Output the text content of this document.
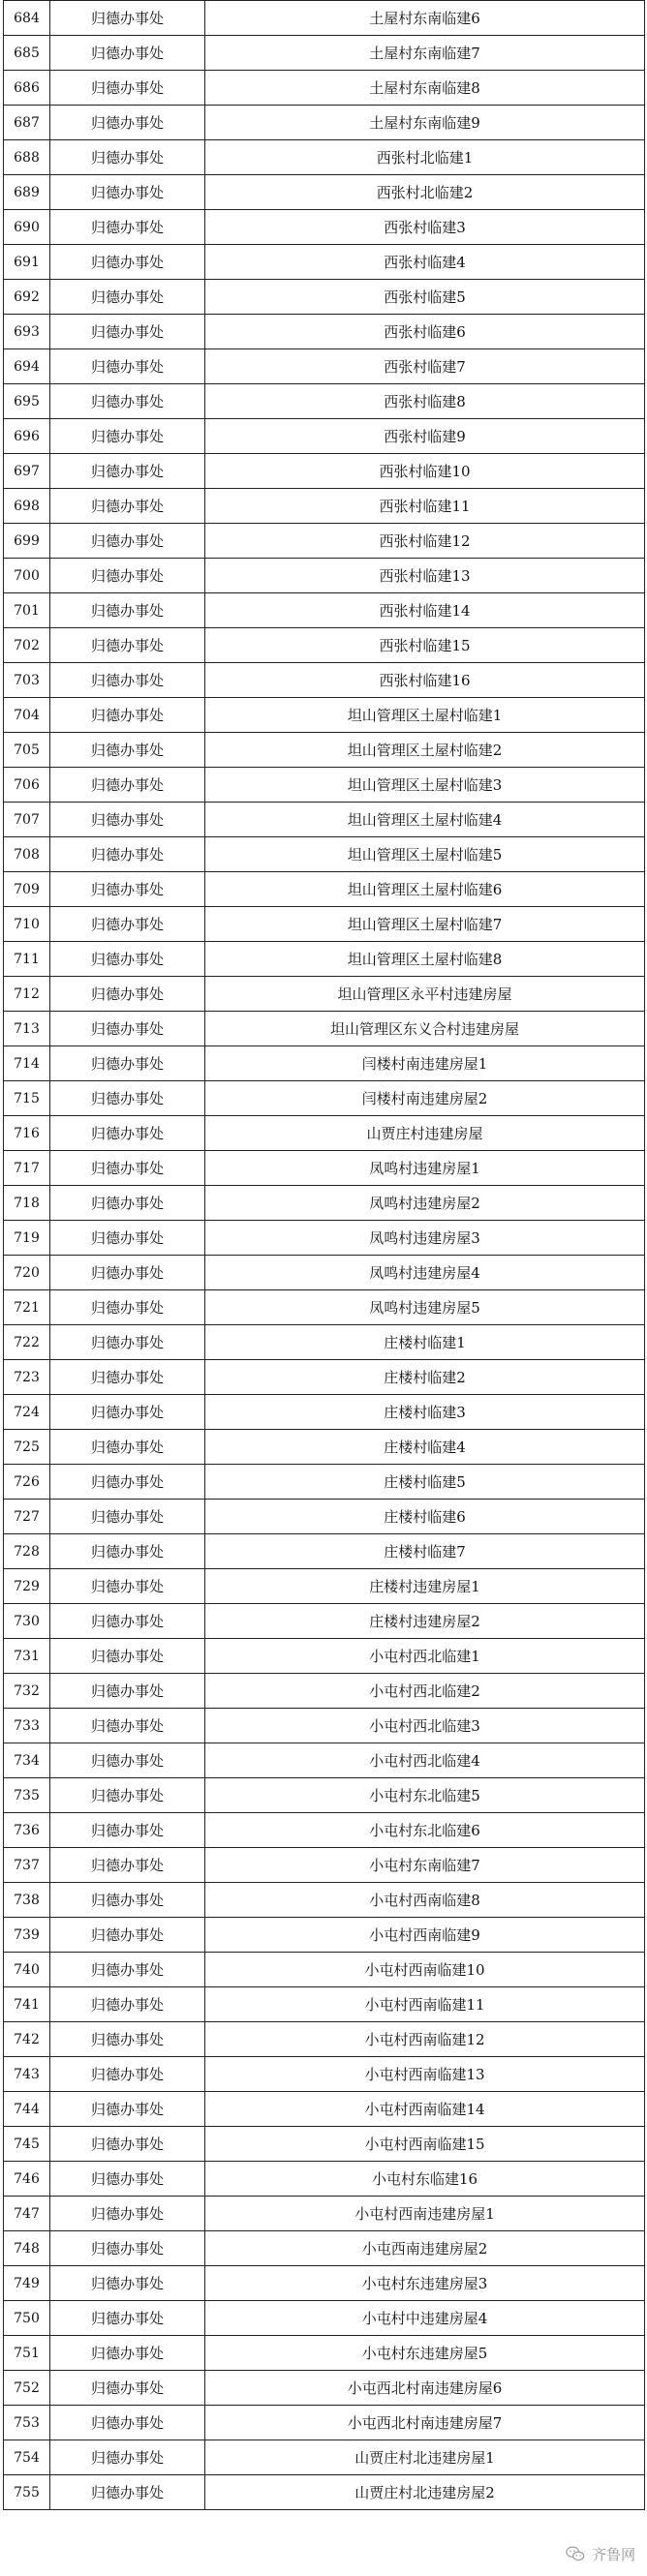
684	归德办事处	土屋村东南临建6
685	归德办事处	土屋村东南临建7
686	归德办事处	土屋村东南临建8
687	归德办事处	土屋村东南临建9
688	归德办事处	西张村北临建1
689	归德办事处	西张村北临建2
690	归德办事处	西张村临建3
691	归德办事处	西张村临建4
692	归德办事处	西张村临建5
693	归德办事处	西张村临建6
694	归德办事处	西张村临建7
695	归德办事处	西张村临建8
696	归德办事处	西张村临建9
697	归德办事处	西张村临建10
698	归德办事处	西张村临建11
699	归德办事处	西张村临建12
700	归德办事处	西张村临建13
701	归德办事处	西张村临建14
702	归德办事处	西张村临建15
703	归德办事处	西张村临建16
704	归德办事处	坦山管理区土屋村临建1
705	归德办事处	坦山管理区土屋村临建2
706	归德办事处	坦山管理区土屋村临建3
707	归德办事处	坦山管理区土屋村临建4
708	归德办事处	坦山管理区土屋村临建5
709	归德办事处	坦山管理区土屋村临建6
710	归德办事处	坦山管理区土屋村临建7
711	归德办事处	坦山管理区土屋村临建8
712	归德办事处	坦山管理区永平村违建房屋
713	归德办事处	坦山管理区东义合村违建房屋
714	归德办事处	闫楼村南违建房屋1
715	归德办事处	闫楼村南违建房屋2
716	归德办事处	山贾庄村违建房屋
717	归德办事处	凤鸣村违建房屋1
718	归德办事处	凤鸣村违建房屋2
719	归德办事处	凤鸣村违建房屋3
720	归德办事处	凤鸣村违建房屋4
721	归德办事处	凤鸣村违建房屋5
722	归德办事处	庄楼村临建1
723	归德办事处	庄楼村临建2
724	归德办事处	庄楼村临建3
725	归德办事处	庄楼村临建4
726	归德办事处	庄楼村临建5
727	归德办事处	庄楼村临建6
728	归德办事处	庄楼村临建7
729	归德办事处	庄楼村违建房屋1
730	归德办事处	庄楼村违建房屋2
731	归德办事处	小屯村西北临建1
732	归德办事处	小屯村西北临建2
733	归德办事处	小屯村西北临建3
734	归德办事处	小屯村西北临建4
735	归德办事处	小屯村东北临建5
736	归德办事处	小屯村东北临建6
737	归德办事处	小屯村东南临建7
738	归德办事处	小屯村西南临建8
739	归德办事处	小屯村西南临建9
740	归德办事处	小屯村西南临建10
741	归德办事处	小屯村西南临建11
742	归德办事处	小屯村西南临建12
743	归德办事处	小屯村西南临建13
744	归德办事处	小屯村西南临建14
745	归德办事处	小屯村西南临建15
746	归德办事处	小屯村东临建16
747	归德办事处	小屯村西南违建房屋1
748	归德办事处	小屯西南违建房屋2
749	归德办事处	小屯村东违建房屋3
750	归德办事处	小屯村中违建房屋4
751	归德办事处	小屯村东违建房屋5
752	归德办事处	小屯西北村南违建房屋6
753	归德办事处	小屯西北村南违建房屋7
754	归德办事处	山贾庄村北违建房屋1
755	归德办事处	山贾庄村北违建房屋2
齐鲁网
